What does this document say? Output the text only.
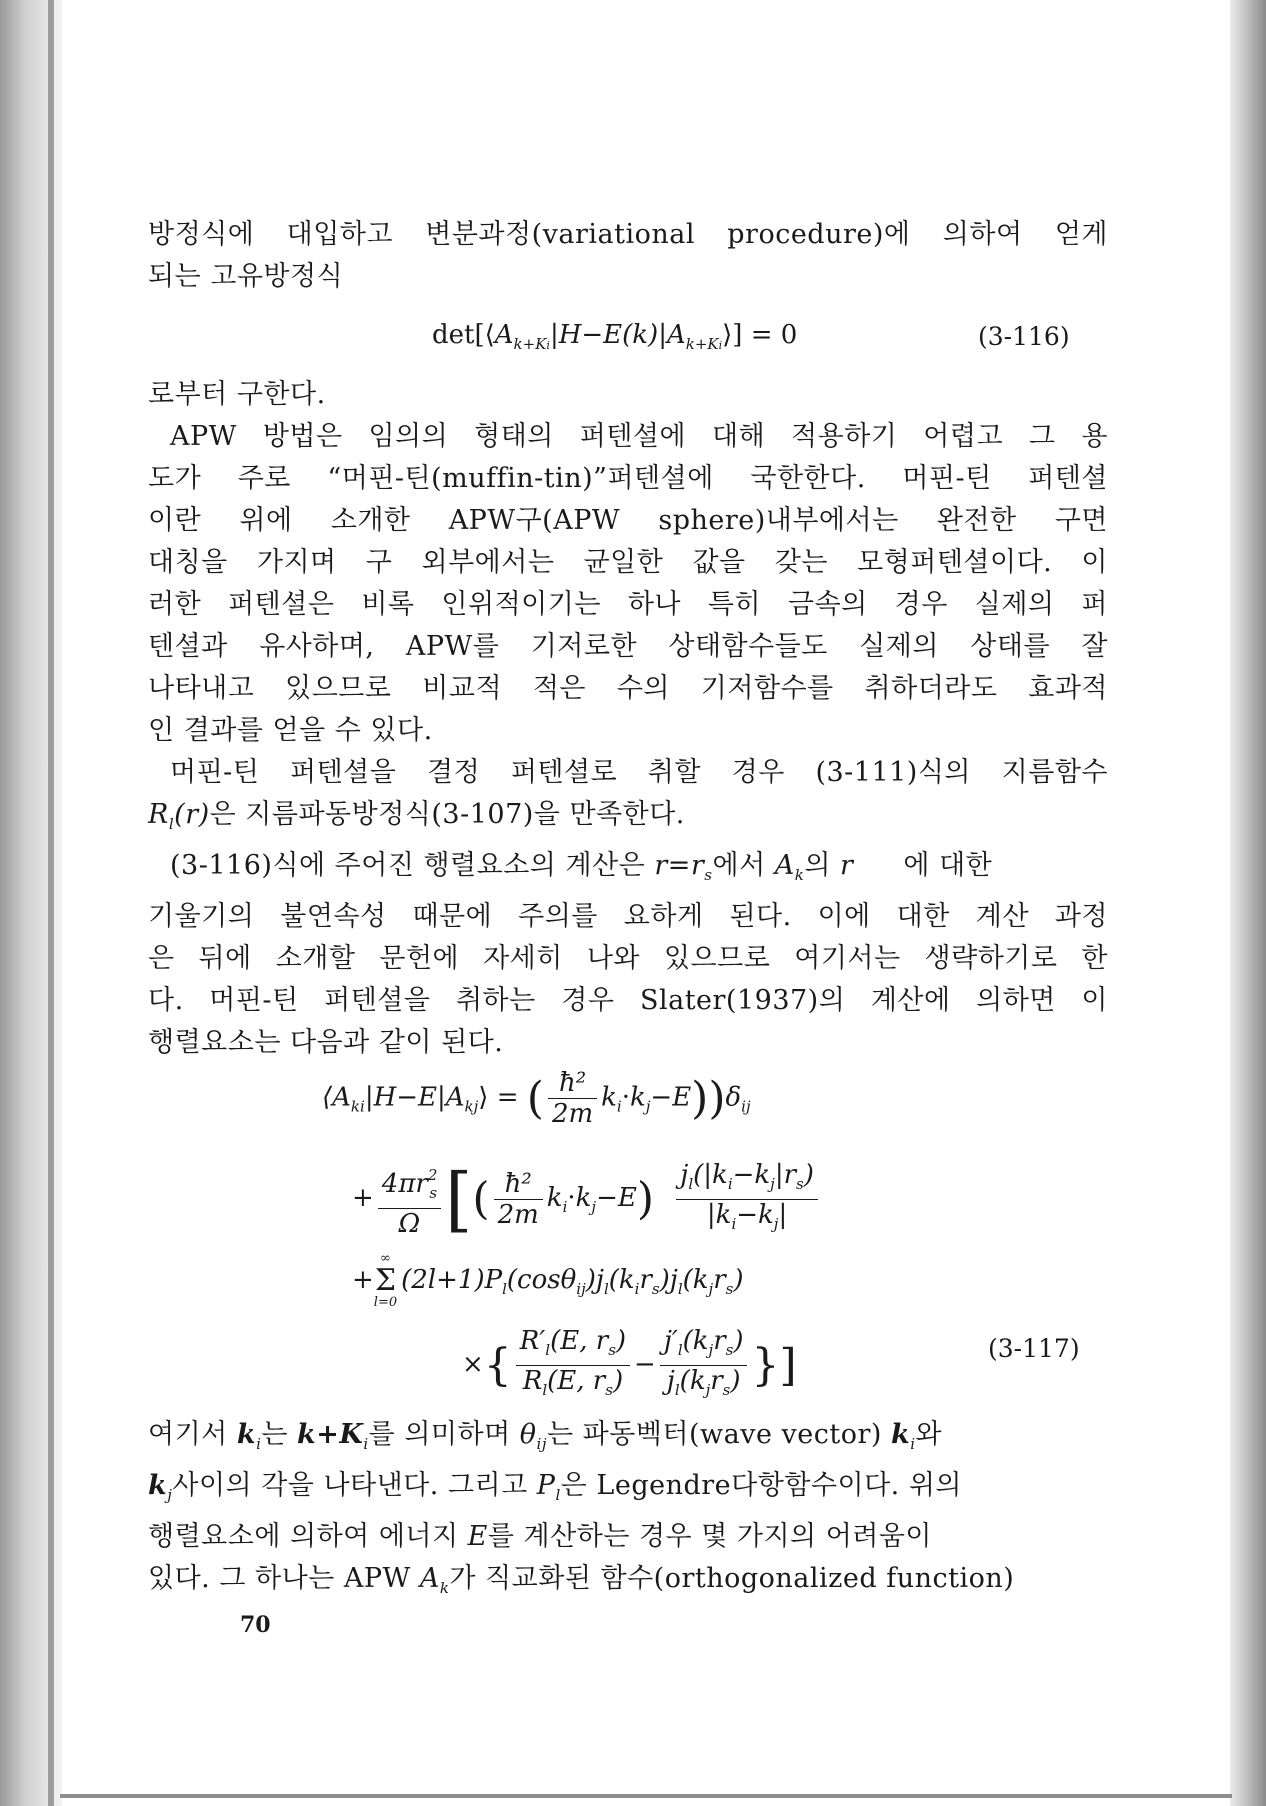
방정식에 대입하고 변분과정(variational procedure)에 의하여 얻게
되는 고유방정식
$\det[⟨A_{k+Ki}|H-E(k)|A_{k+Ki}⟩] = 0$	(3-116)
로부터 구한다.
APW 방법은 임의의 형태의 퍼텐셜에 대해 적용하기 어렵고 그 용
도가 주로 “머핀-틴(muffin-tin)”퍼텐셜에 국한한다. 머핀-틴 퍼텐셜
이란 위에 소개한 APW구(APW sphere)내부에서는 완전한 구면
대칭을 가지며 구 외부에서는 균일한 값을 갖는 모형퍼텐셜이다. 이
러한 퍼텐셜은 비록 인위적이기는 하나 특히 금속의 경우 실제의 퍼
텐셜과 유사하며, APW를 기저로한 상태함수들도 실제의 상태를 잘
나타내고 있으므로 비교적 적은 수의 기저함수를 취하더라도 효과적
인 결과를 얻을 수 있다.
머핀-틴 퍼텐셜을 결정 퍼텐셜로 취할 경우 (3-111)식의 지름함수
$R_l(r)$은 지름파동방정식(3-107)을 만족한다.
(3-116)식에 주어진 행렬요소의 계산은 $r=r_s$에서 $A_k$의 r 에 대한
기울기의 불연속성 때문에 주의를 요하게 된다. 이에 대한 계산 과정
은 뒤에 소개할 문헌에 자세히 나와 있으므로 여기서는 생략하기로 한
다. 머핀-틴 퍼텐셜을 취하는 경우 Slater(1937)의 계산에 의하면 이
행렬요소는 다음과 같이 된다.
$⟨A_{ki}|H-E|A_{kj}⟩$ = ( $\frac{\text{ħ²}}{2m} k_i\cdot k_j-E))\delta_{ij}$
+ $\frac{4\pi r^2_s}{\Omega}$ [( $\frac{\text{ħ²}}{2m} k_i\cdot k_j-E) \frac{j_l(|k_i-k_j|r_s)}{|k_i-k_j|}$
+
∞
Σ
l=0
$(2l+1)P_l(\cos\theta_{ij})j_l(k_ir_s)j_l(k_jr_s)$
×{ $\frac{R'_l(E, r_s)}{R_l(E, r_s)} - \frac{j'_l(k_jr_s)}{j_l(k_jr_s)}$ }]	(3-117)
여기서 $k_i$는 $k+K_i$를 의미하며 $\theta_{ij}$는 파동벡터(wave vector) $k_i$와
$k_j$사이의 각을 나타낸다. 그리고 $P_l$은 Legendre다항함수이다. 위의
행렬요소에 의하여 에너지 E를 계산하는 경우 몇 가지의 어려움이
있다. 그 하나는 APW $A_k$가 직교화된 함수(orthogonalized function)
70
